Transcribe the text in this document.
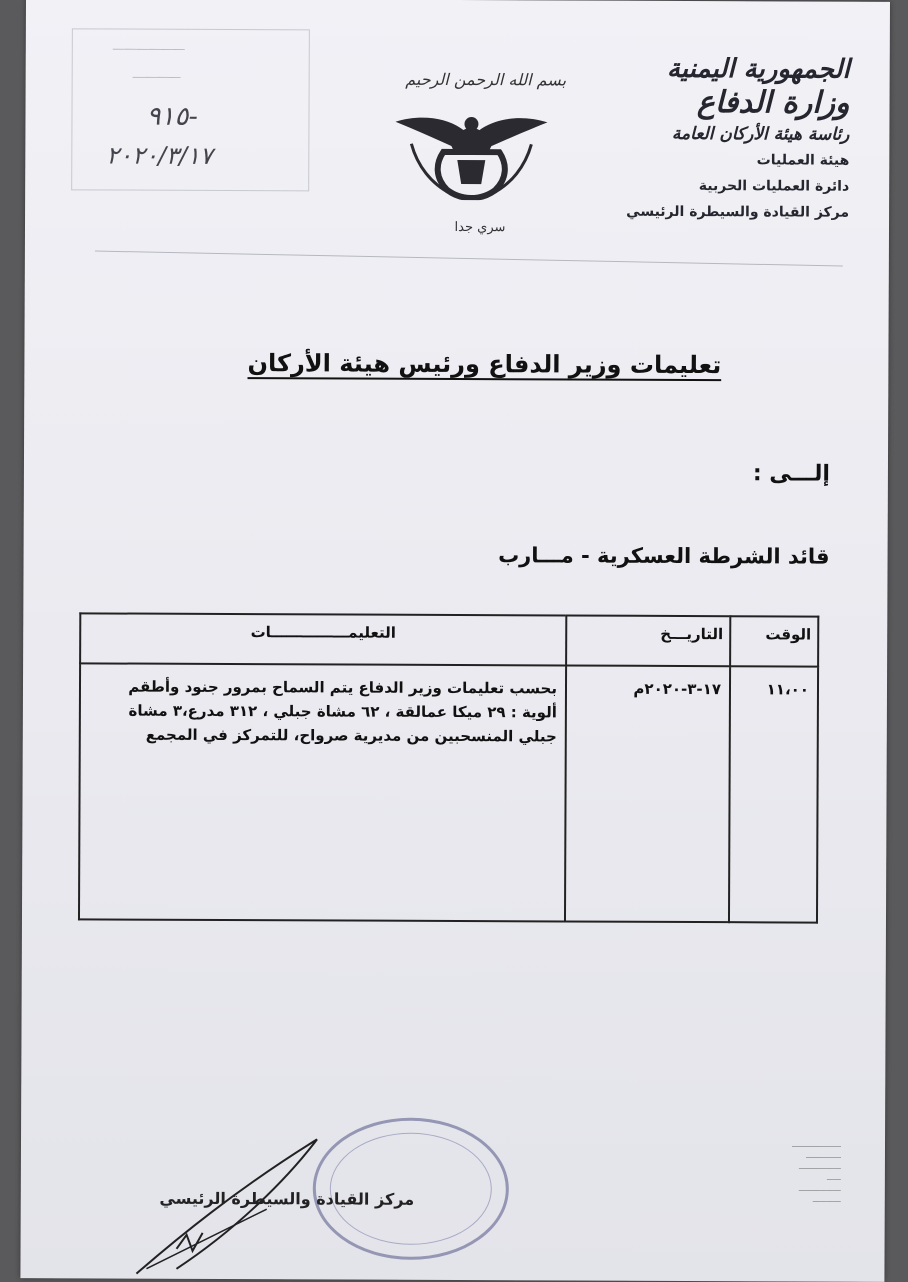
――――――
――――
٩١٥-
٢٠٢٠/٣/١٧
بسم الله الرحمن الرحيم
سري جدا
الجمهورية اليمنية
وزارة الدفاع
رئاسة هيئة الأركان العامة
هيئة العمليات
دائرة العمليات الحربية
مركز القيادة والسيطرة الرئيسي
تعليمات وزير الدفاع ورئيس هيئة الأركان
إلـــى :
قائد الشرطة العسكرية - مـــارب
الوقت	التاريـــخ	التعليمـــــــــــــــات
١١،٠٠	١٧-٣-٢٠٢٠م	بحسب تعليمات وزير الدفاع يتم السماح بمرور جنود وأطقم ألوية : ٢٩ ميكا عمالقة ، ٦٢ مشاة جبلي ، ٣١٢ مدرع،٣ مشاة جبلي المنسحبين من مديرية صرواح، للتمركز في المجمع
مركز القيادة والسيطرة الرئيسي
―――――――
―――――
――――――
――
――――――
――――
